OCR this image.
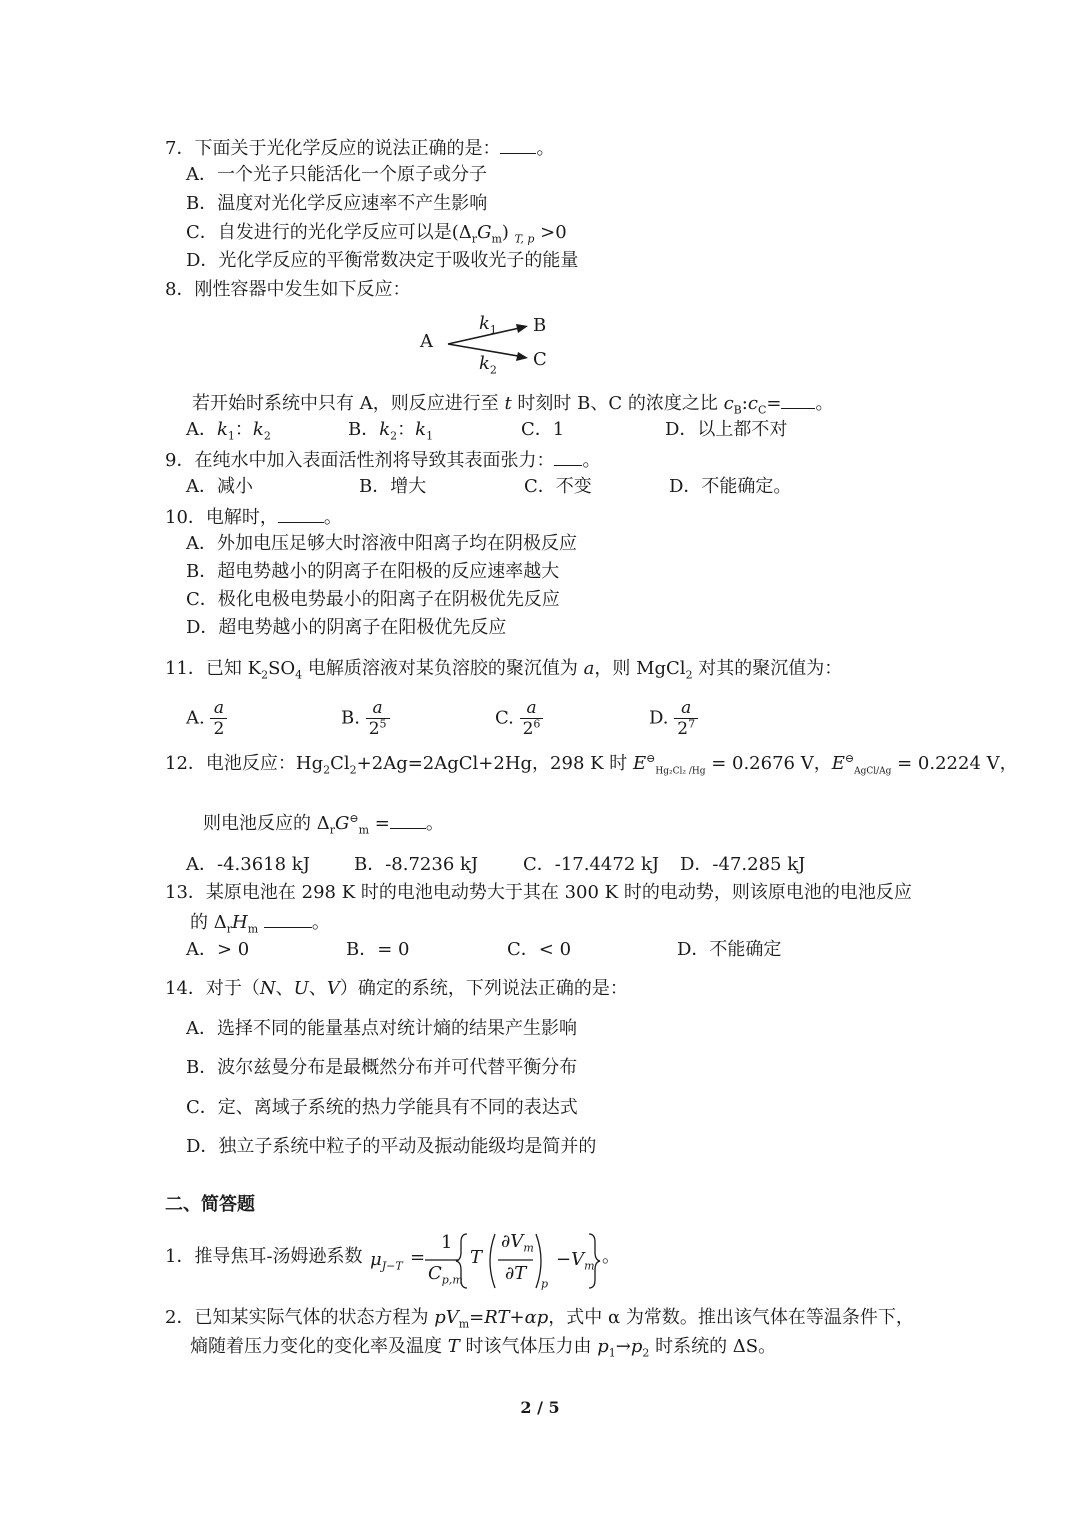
7．下面关于光化学反应的说法正确的是： 。
A．一个光子只能活化一个原子或分子
B．温度对光化学反应速率不产生影响
C．自发进行的光化学反应可以是$(\Delta_rG_m)$ $_{T, p}$ >0
D．光化学反应的平衡常数决定于吸收光子的能量
8．刚性容器中发生如下反应：
A
$k_1$
$k_2$
B
C
若开始时系统中只有 A，则反应进行至 t 时刻时 B、C 的浓度之比 $c_B:c_C=$ 。
A．$k_1$：$k_2$	B．$k_2$：$k_1$	C．1	D．以上都不对
9．在纯水中加入表面活性剂将导致其表面张力： 。
A．减小	B．增大	C．不变	D．不能确定。
10．电解时，	。
A．外加电压足够大时溶液中阳离子均在阴极反应
B．超电势越小的阴离子在阳极的反应速率越大
C．极化电极电势最小的阳离子在阴极优先反应
D．超电势越小的阴离子在阳极优先反应
11．已知 $K_2SO_4$ 电解质溶液对某负溶胶的聚沉值为 a，则 MgCl$_2$ 对其的聚沉值为：
A. $\frac{a}{2}$	B. $\frac{a}{2^5}$	C. $\frac{a}{2^6}$	D. $\frac{a}{2^7}$
12．电池反应：$Hg_2Cl_2+2Ag=2AgCl+2Hg$，298 K 时 $E^⊖_{Hg_2Cl_2 /Hg} = 0.2676$ V，$E^⊖_{AgCl/Ag} = 0.2224$ V，
则电池反应的 $\Delta_rG^⊖_m$ = 。
A．-4.3618 kJ B．-8.7236 kJ C．-17.4472 kJ D．-47.285 kJ
13．某原电池在 298 K 时的电池电动势大于其在 300 K 时的电动势，则该原电池的电池反应
的 $\Delta_rH_m$	。
A．> 0	B．= 0	C．< 0	D．不能确定
14．对于（N、U、V）确定的系统，下列说法正确的是：
A．选择不同的能量基点对统计熵的结果产生影响
B．波尔兹曼分布是最概然分布并可代替平衡分布
C．定、离域子系统的热力学能具有不同的表达式
D．独立子系统中粒子的平动及振动能级均是简并的
二、简答题
1．推导焦耳-汤姆逊系数 $\mu_{J-T}$ =
1
$C_{p,m}$
T
$\partial V_m$
∂T
$_p$
$-V_m$ 。
2．已知某实际气体的状态方程为 $pV_m=RT+\alpha p$，式中 α 为常数。推出该气体在等温条件下，
熵随着压力变化的变化率及温度 T 时该气体压力由 $p_1\to p_2$ 时系统的 ΔS。
2 / 5
